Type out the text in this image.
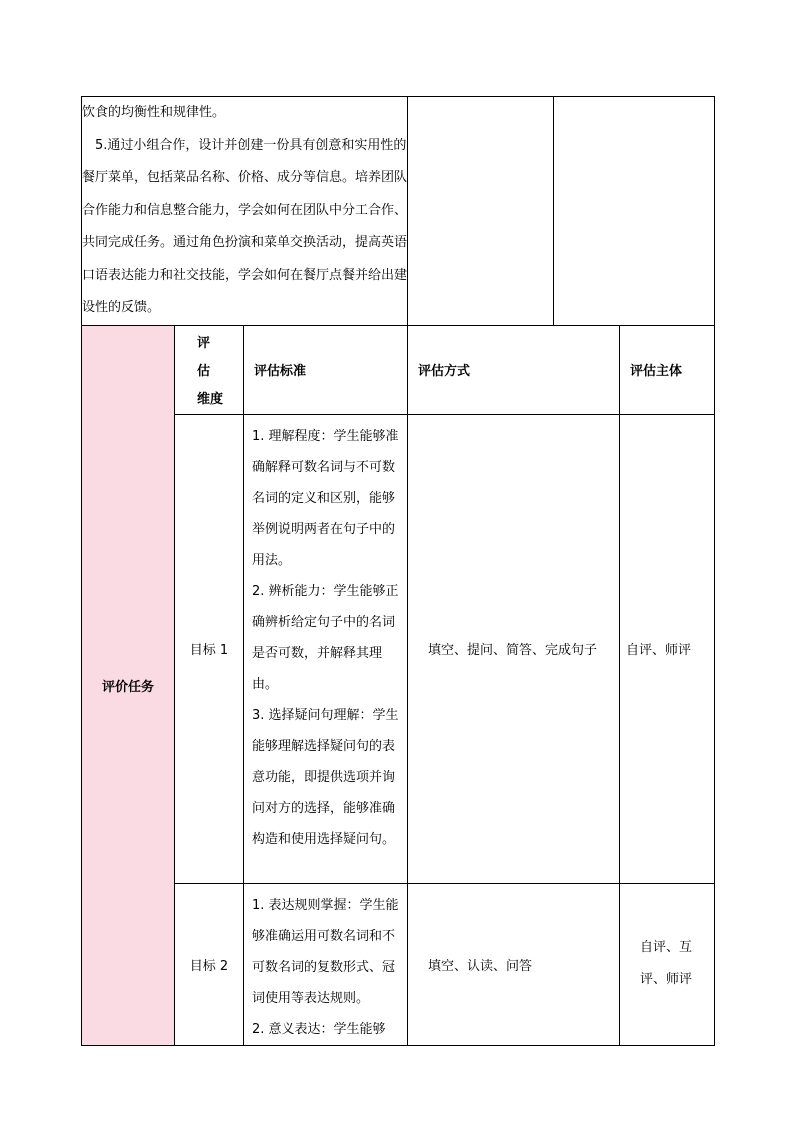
饮食的均衡性和规律性。

5.通过小组合作，设计并创建一份具有创意和实用性的餐厅菜单，包括菜品名称、价格、成分等信息。培养团队合作能力和信息整合能力，学会如何在团队中分工合作、共同完成任务。通过角色扮演和菜单交换活动，提高英语口语表达能力和社交技能，学会如何在餐厅点餐并给出建设性的反馈。					

评价任务	评 估
维度	评估标准	评估方式		评估主体
	目标 1	1. 理解程度：学生能够准确解释可数名词与不可数名词的定义和区别，能够举例说明两者在句子中的用法。

2. 辨析能力：学生能够正确辨析给定句子中的名词是否可数，并解释其理由。

3. 选择疑问句理解：学生能够理解选择疑问句的表意功能，即提供选项并询问对方的选择，能够准确构造和使用选择疑问句。	填空、提问、简答、完成句子		自评、师评
	目标 2	1. 表达规则掌握：学生能够准确运用可数名词和不可数名词的复数形式、冠词使用等表达规则。

2. 意义表达：学生能够	填空、认读、问答		自评、互评、师评
